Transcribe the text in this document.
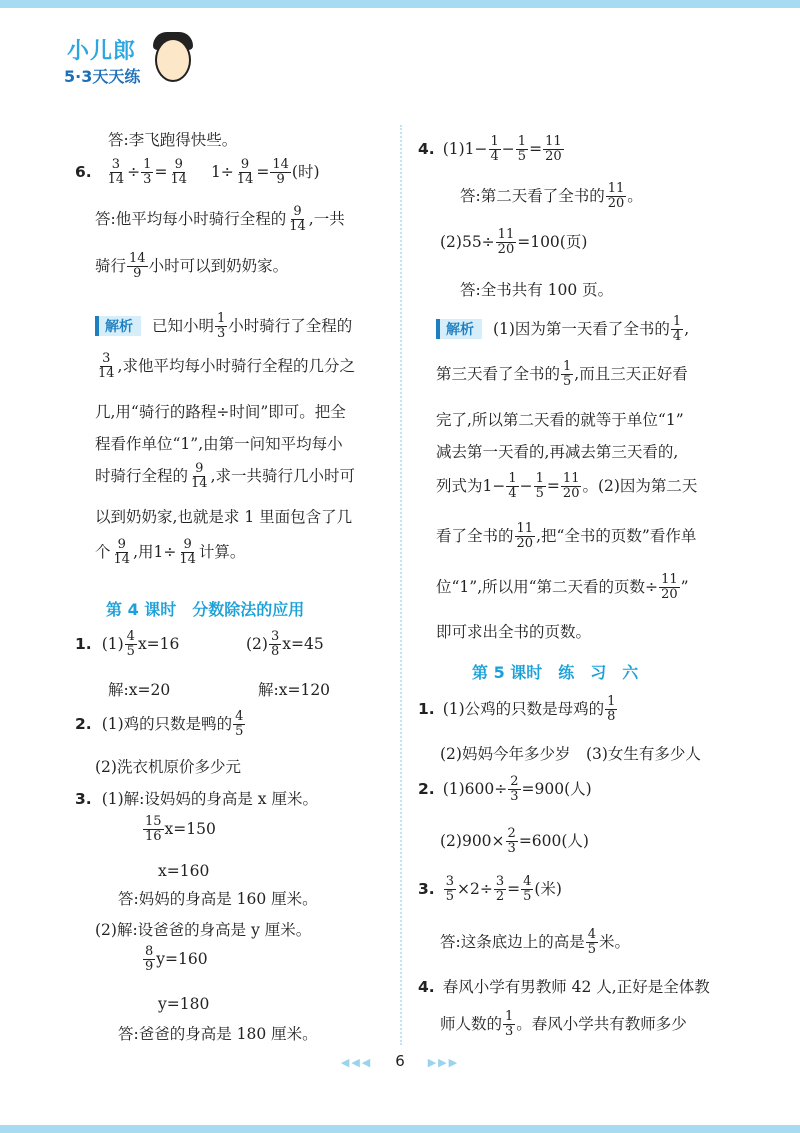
小儿郎
5·3天天练
答:李飞跑得快些。
6. $\frac{3}{14} \div \frac{1}{3} = \frac{9}{14} 1\div \frac{9}{14} = \frac{14}{9}$ (时)
答:他平均每小时骑行全程的 $\frac{9}{14}$ ,一共
骑行 $\frac{14}{9}$ 小时可以到奶奶家。
解析 已知小明 $\frac{1}{3}$ 小时骑行了全程的
$\frac{3}{14}$ ,求他平均每小时骑行全程的几分之
几,用“骑行的路程÷时间”即可。把全
程看作单位“1”,由第一问知平均每小
时骑行全程的 $\frac{9}{14}$ ,求一共骑行几小时可
以到奶奶家,也就是求 1 里面包含了几
个 $\frac{9}{14}$ ,用$1\div \frac{9}{14}$ 计算。
第 4 课时　分数除法的应用
1. $(1) \frac{4}{5} x=16$	$(2) \frac{3}{8} x=45$
解:x=20	解:x=120
2. (1)鸡的只数是鸭的 $\frac{4}{5}$
(2)洗衣机原价多少元
3. (1)解:设妈妈的身高是 x 厘米。
$\frac{15}{16} x=150$
x=160
答:妈妈的身高是 160 厘米。
(2)解:设爸爸的身高是 y 厘米。
$\frac{8}{9} y=160$
y=180
答:爸爸的身高是 180 厘米。
4. $(1)1- \frac{1}{4} - \frac{1}{5} = \frac{11}{20}$
答:第二天看了全书的 $\frac{11}{20}$ 。
$(2)55\div \frac{11}{20} =100$(页)
答:全书共有 100 页。
解析 (1)因为第一天看了全书的 $\frac{1}{4}$ ,
第三天看了全书的 $\frac{1}{5}$ ,而且三天正好看
完了,所以第二天看的就等于单位“1”
减去第一天看的,再减去第三天看的,
列式为$1- \frac{1}{4} - \frac{1}{5} = \frac{11}{20}$ 。(2)因为第二天
看了全书的 $\frac{11}{20}$ ,把“全书的页数”看作单
位“1”,所以用“第二天看的页数÷ $\frac{11}{20}$ ”
即可求出全书的页数。
第 5 课时　练　习　六
1. (1)公鸡的只数是母鸡的 $\frac{1}{8}$
(2)妈妈今年多少岁　(3)女生有多少人
2. $(1)600\div \frac{2}{3} =900$(人)
$(2)900\times \frac{2}{3} =600$(人)
3. $\frac{3}{5} \times 2\div \frac{3}{2} = \frac{4}{5}$ (米)
答:这条底边上的高是 $\frac{4}{5}$ 米。
4. 春风小学有男教师 42 人,正好是全体教
师人数的 $\frac{1}{3}$ 。春风小学共有教师多少
◀◀◀ 6 ▶▶▶
